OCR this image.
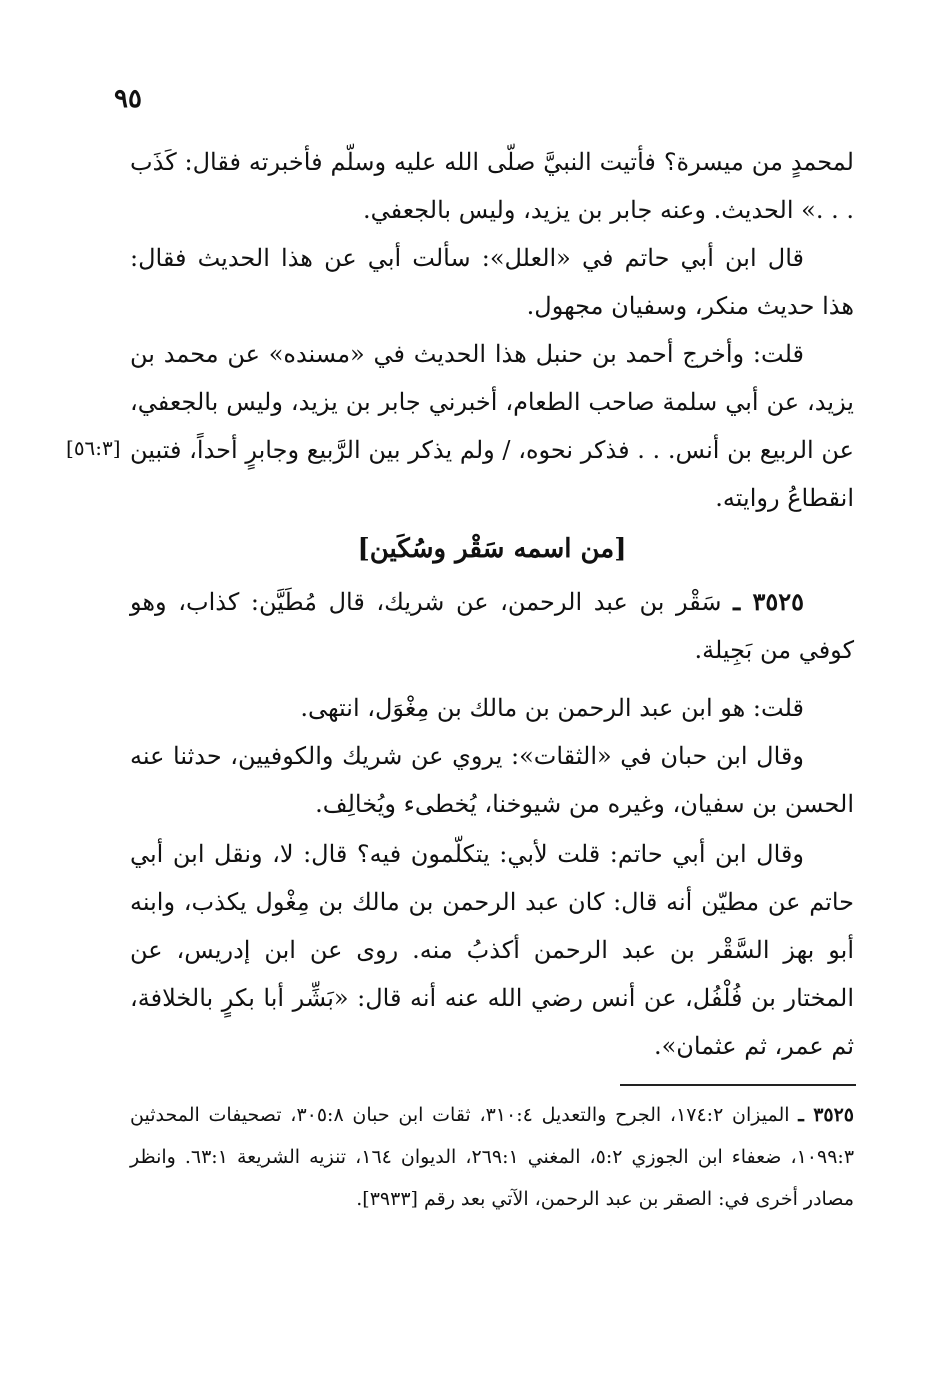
٩٥

لمحمدٍ من ميسرة؟ فأتيت النبيَّ صلّى الله عليه وسلّم فأخبرته فقال: كَذَب . . .» الحديث. وعنه جابر بن يزيد، وليس بالجعفي.

قال ابن أبي حاتم في «العلل»: سألت أبي عن هذا الحديث فقال: هذا حديث منكر، وسفيان مجهول.

قلت: وأخرج أحمد بن حنبل هذا الحديث في «مسنده» عن محمد بن يزيد، عن أبي سلمة صاحب الطعام، أخبرني جابر بن يزيد، وليس بالجعفي، عن الربيع بن أنس. . . فذكر نحوه، / ولم يذكر بين الرَّبيع وجابرٍ أحداً، فتبين انقطاعُ روايته.

[٥٦:٣]
[من اسمه سَقْر وسُكَين]

٣٥٢٥ ـ سَقْر بن عبد الرحمن، عن شريك، قال مُطَيَّن: كذاب، وهو كوفي من بَجِيلة.

قلت: هو ابن عبد الرحمن بن مالك بن مِغْوَل، انتهى.

وقال ابن حبان في «الثقات»: يروي عن شريك والكوفيين، حدثنا عنه الحسن بن سفيان، وغيره من شيوخنا، يُخطىء ويُخالِف.

وقال ابن أبي حاتم: قلت لأبي: يتكلّمون فيه؟ قال: لا، ونقل ابن أبي حاتم عن مطيّن أنه قال: كان عبد الرحمن بن مالك بن مِغْول يكذب، وابنه أبو بهز السَّقْر بن عبد الرحمن أكذبُ منه. روى عن ابن إدريس، عن المختار بن فُلْفُل، عن أنس رضي الله عنه أنه قال: «بَشِّر أبا بكرٍ بالخلافة، ثم عمر، ثم عثمان».

٣٥٢٥ ـ الميزان ١٧٤:٢، الجرح والتعديل ٣١٠:٤، ثقات ابن حبان ٣٠٥:٨، تصحيفات المحدثين ١٠٩٩:٣، ضعفاء ابن الجوزي ٥:٢، المغني ٢٦٩:١، الديوان ١٦٤، تنزيه الشريعة ٦٣:١. وانظر مصادر أخرى في: الصقر بن عبد الرحمن، الآتي بعد رقم [٣٩٣٣].
